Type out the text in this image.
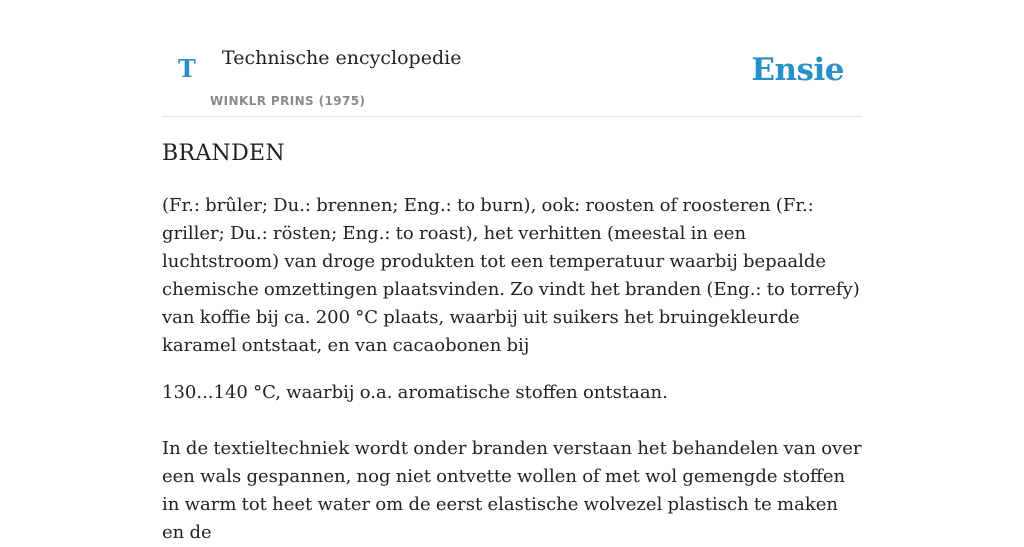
T Technische encyclopedie
WINKLR PRINS (1975)
Ensie
BRANDEN

(Fr.: brûler; Du.: brennen; Eng.: to burn), ook: roosten of roosteren (Fr.: griller; Du.: rösten; Eng.: to roast), het verhitten (meestal in een luchtstroom) van droge produkten tot een temperatuur waarbij bepaalde chemische omzettingen plaatsvinden. Zo vindt het branden (Eng.: to torrefy) van koffie bij ca. 200 °C plaats, waarbij uit suikers het bruingekleurde karamel ontstaat, en van cacaobonen bij

130...140 °C, waarbij o.a. aromatische stoffen ontstaan.

In de textieltechniek wordt onder branden verstaan het behandelen van over een wals gespannen, nog niet ontvette wollen of met wol gemengde stoffen in warm tot heet water om de eerst elastische wolvezel plastisch te maken en de
